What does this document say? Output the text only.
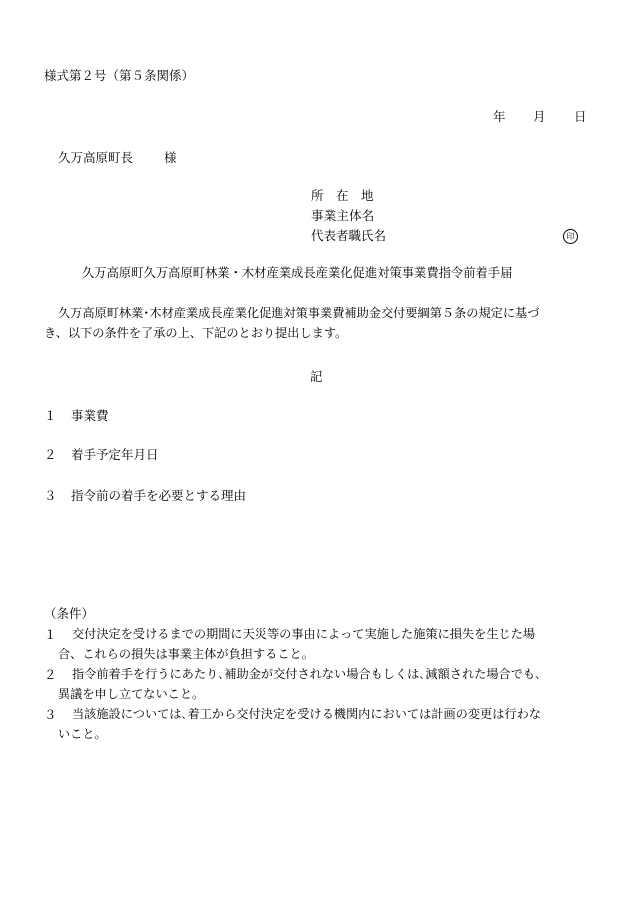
様式第２号（第５条関係）
年 月 日
久万高原町長 様
所　在　地
事業主体名
代表者職氏名	印
久万高原町久万高原町林業・木材産業成長産業化促進対策事業費指令前着手届
久万高原町林業･木材産業成長産業化促進対策事業費補助金交付要綱第５条の規定に基づ
き、以下の条件を了承の上、下記のとおり提出します。
記
１ 事業費
２ 着手予定年月日
３ 指令前の着手を必要とする理由
（条件）
１ 交付決定を受けるまでの期間に天災等の事由によって実施した施策に損失を生じた場
合、これらの損失は事業主体が負担すること。
２ 指令前着手を行うにあたり､補助金が交付されない場合もしくは､減額された場合でも､
異議を申し立てないこと。
３ 当該施設については､着工から交付決定を受ける機関内においては計画の変更は行わな
いこと。
